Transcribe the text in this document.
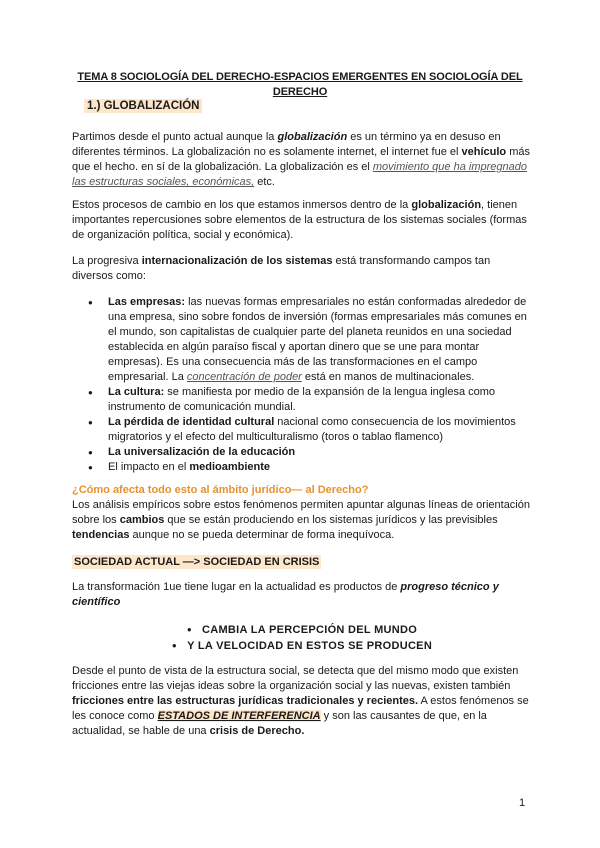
TEMA 8 SOCIOLOGÍA DEL DERECHO-ESPACIOS EMERGENTES EN SOCIOLOGÍA DEL DERECHO
1.) GLOBALIZACIÓN

Partimos desde el punto actual aunque la globalización es un término ya en desuso en diferentes términos. La globalización no es solamente internet, el internet fue el vehículo más que el hecho. en sí de la globalización. La globalización es el movimiento que ha impregnado las estructuras sociales, económicas, etc.

Estos procesos de cambio en los que estamos inmersos dentro de la globalización, tienen importantes repercusiones sobre elementos de la estructura de los sistemas sociales (formas de organización política, social y económica).

La progresiva internacionalización de los sistemas está transformando campos tan diversos como:

● Las empresas: las nuevas formas empresariales no están conformadas alrededor de una empresa, sino sobre fondos de inversión (formas empresariales más comunes en el mundo, son capitalistas de cualquier parte del planeta reunidos en una sociedad establecida en algún paraíso fiscal y aportan dinero que se une para montar empresas). Es una consecuencia más de las transformaciones en el campo empresarial. La concentración de poder está en manos de multinacionales.
● La cultura: se manifiesta por medio de la expansión de la lengua inglesa como instrumento de comunicación mundial.
● La pérdida de identidad cultural nacional como consecuencia de los movimientos migratorios y el efecto del multiculturalismo (toros o tablao flamenco)
● La universalización de la educación
● El impacto en el medioambiente
¿Cómo afecta todo esto al ámbito jurídico— al Derecho?

Los análisis empíricos sobre estos fenómenos permiten apuntar algunas líneas de orientación sobre los cambios que se están produciendo en los sistemas jurídicos y las previsibles tendencias aunque no se pueda determinar de forma inequívoca.

SOCIEDAD ACTUAL —> SOCIEDAD EN CRISIS

La transformación 1ue tiene lugar en la actualidad es productos de progreso técnico y científico

● CAMBIA LA PERCEPCIÓN DEL MUNDO
● Y LA VELOCIDAD EN ESTOS SE PRODUCEN

Desde el punto de vista de la estructura social, se detecta que del mismo modo que existen fricciones entre las viejas ideas sobre la organización social y las nuevas, existen también fricciones entre las estructuras jurídicas tradicionales y recientes. A estos fenómenos se les conoce como ESTADOS DE INTERFERENCIA y son las causantes de que, en la actualidad, se hable de una crisis de Derecho.

1
